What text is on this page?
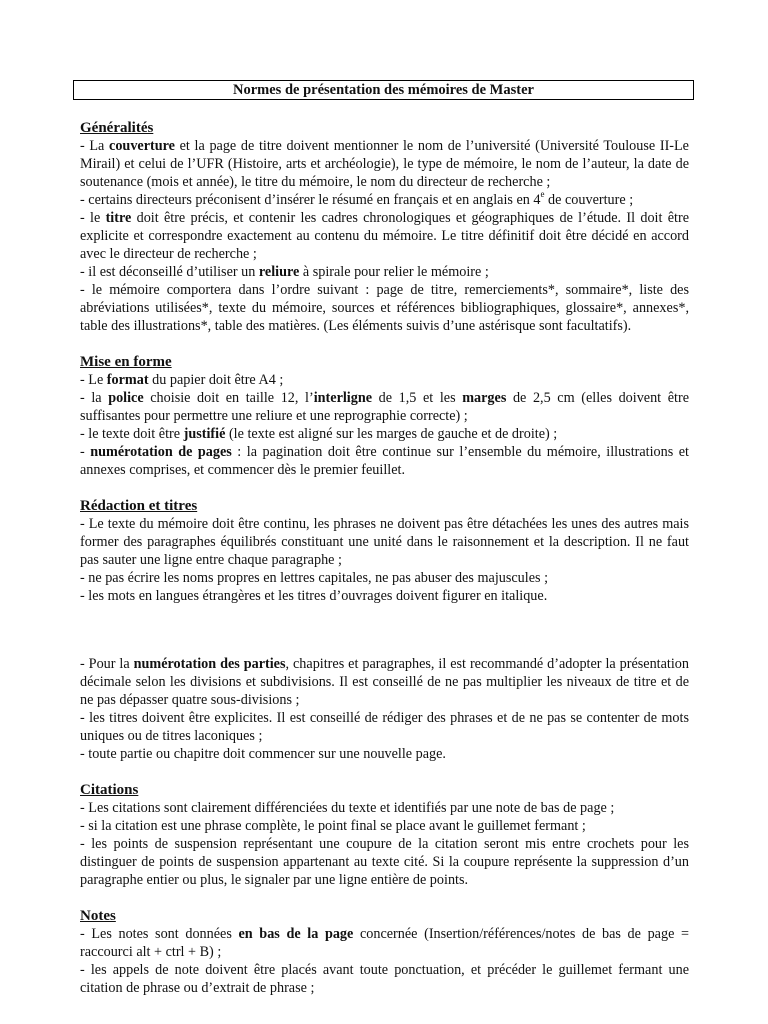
Normes de présentation des mémoires de Master
Généralités

- La couverture et la page de titre doivent mentionner le nom de l’université (Université Toulouse II-Le Mirail) et celui de l’UFR (Histoire, arts et archéologie), le type de mémoire, le nom de l’auteur, la date de soutenance (mois et année), le titre du mémoire, le nom du directeur de recherche ;

- certains directeurs préconisent d’insérer le résumé en français et en anglais en 4e de couverture ;

- le titre doit être précis, et contenir les cadres chronologiques et géographiques de l’étude. Il doit être explicite et correspondre exactement au contenu du mémoire. Le titre définitif doit être décidé en accord avec le directeur de recherche ;

- il est déconseillé d’utiliser un reliure à spirale pour relier le mémoire ;

- le mémoire comportera dans l’ordre suivant : page de titre, remerciements*, sommaire*, liste des abréviations utilisées*, texte du mémoire, sources et références bibliographiques, glossaire*, annexes*, table des illustrations*, table des matières. (Les éléments suivis d’une astérisque sont facultatifs).

Mise en forme

- Le format du papier doit être A4 ;

- la police choisie doit en taille 12, l’interligne de 1,5 et les marges de 2,5 cm (elles doivent être suffisantes pour permettre une reliure et une reprographie correcte) ;

- le texte doit être justifié (le texte est aligné sur les marges de gauche et de droite) ;

- numérotation de pages : la pagination doit être continue sur l’ensemble du mémoire, illustrations et annexes comprises, et commencer dès le premier feuillet.

Rédaction et titres

- Le texte du mémoire doit être continu, les phrases ne doivent pas être détachées les unes des autres mais former des paragraphes équilibrés constituant une unité dans le raisonnement et la description. Il ne faut pas sauter une ligne entre chaque paragraphe ;

- ne pas écrire les noms propres en lettres capitales, ne pas abuser des majuscules ;

- les mots en langues étrangères et les titres d’ouvrages doivent figurer en italique.

- Pour la numérotation des parties, chapitres et paragraphes, il est recommandé d’adopter la présentation décimale selon les divisions et subdivisions. Il est conseillé de ne pas multiplier les niveaux de titre et de ne pas dépasser quatre sous-divisions ;

- les titres doivent être explicites. Il est conseillé de rédiger des phrases et de ne pas se contenter de mots uniques ou de titres laconiques ;

- toute partie ou chapitre doit commencer sur une nouvelle page.

Citations

- Les citations sont clairement différenciées du texte et identifiés par une note de bas de page ;

- si la citation est une phrase complète, le point final se place avant le guillemet fermant ;

- les points de suspension représentant une coupure de la citation seront mis entre crochets pour les distinguer de points de suspension appartenant au texte cité. Si la coupure représente la suppression d’un paragraphe entier ou plus, le signaler par une ligne entière de points.

Notes

- Les notes sont données en bas de la page concernée (Insertion/références/notes de bas de page = raccourci alt + ctrl + B) ;

- les appels de note doivent être placés avant toute ponctuation, et précéder le guillemet fermant une citation de phrase ou d’extrait de phrase ;
